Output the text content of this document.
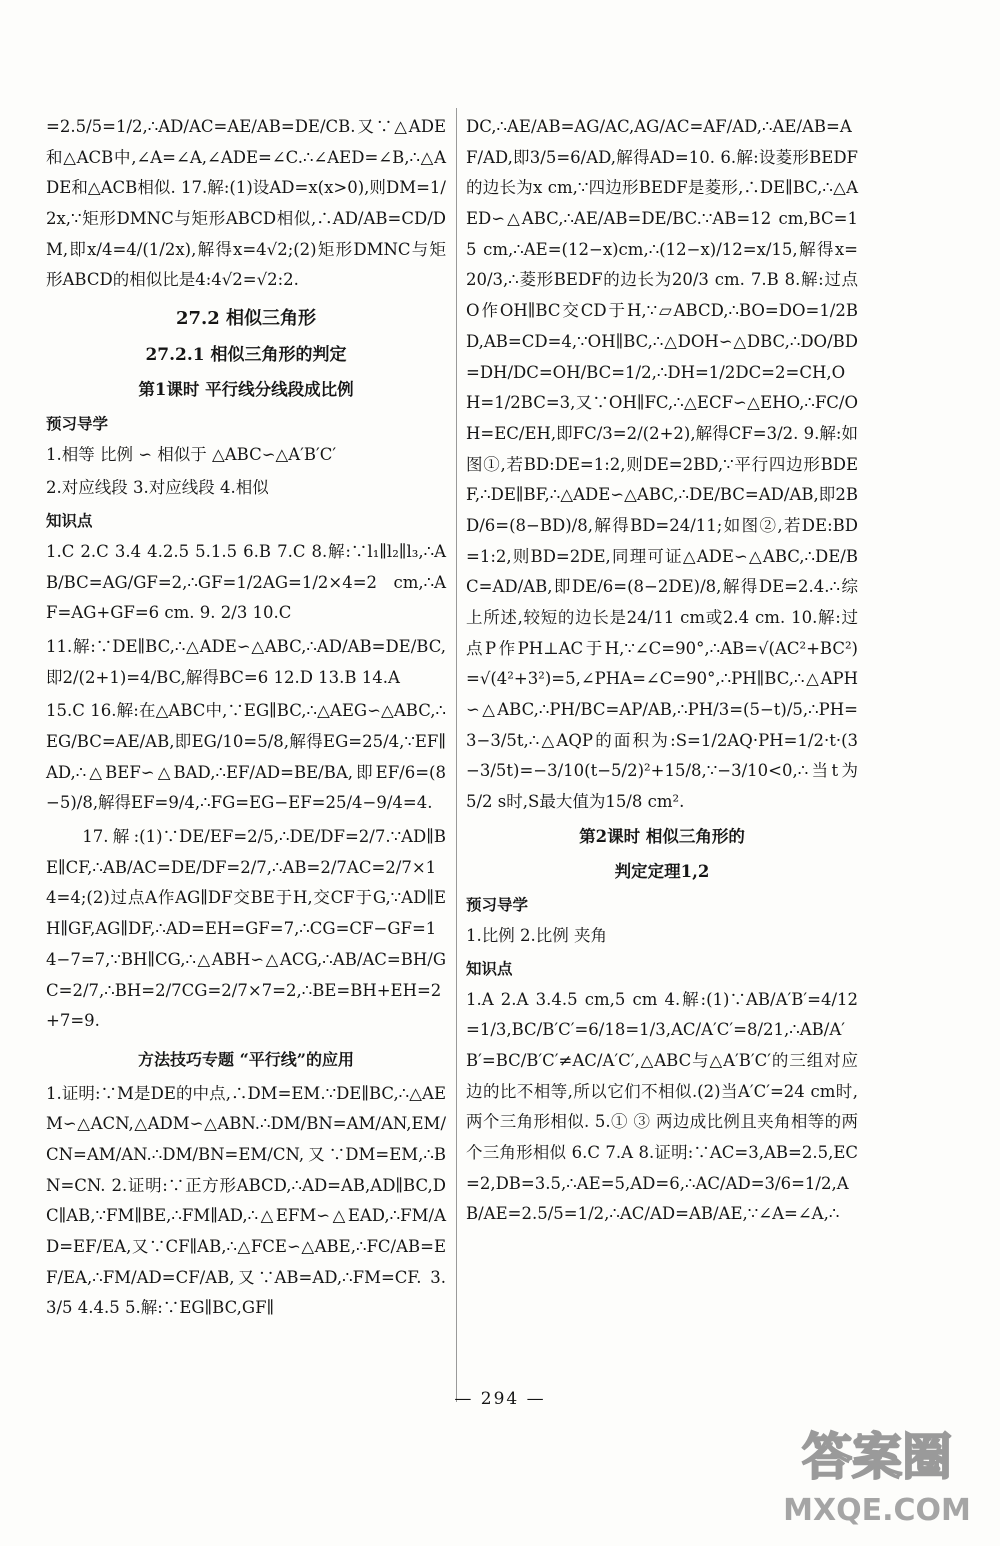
=2.5/5=1/2,∴AD/AC=AE/AB=DE/CB.又∵△ADE和△ACB中,∠A=∠A,∠ADE=∠C.∴∠AED=∠B,∴△ADE和△ACB相似. 17.解:(1)设AD=x(x>0),则DM=1/2x,∵矩形DMNC与矩形ABCD相似,∴AD/AB=CD/DM,即x/4=4/(1/2x),解得x=4√2;(2)矩形DMNC与矩形ABCD的相似比是4:4√2=√2:2.

27.2 相似三角形
27.2.1 相似三角形的判定
第1课时 平行线分线段成比例
预习导学

1.相等 比例 ∽ 相似于 △ABC∽△A′B′C′

2.对应线段 3.对应线段 4.相似

知识点

1.C 2.C 3.4 4.2.5 5.1.5 6.B 7.C 8.解:∵l₁∥l₂∥l₃,∴AB/BC=AG/GF=2,∴GF=1/2AG=1/2×4=2 cm,∴AF=AG+GF=6 cm. 9. 2/3 10.C

11.解:∵DE∥BC,∴△ADE∽△ABC,∴AD/AB=DE/BC,即2/(2+1)=4/BC,解得BC=6 12.D 13.B 14.A

15.C 16.解:在△ABC中,∵EG∥BC,∴△AEG∽△ABC,∴EG/BC=AE/AB,即EG/10=5/8,解得EG=25/4,∵EF∥AD,∴△BEF∽△BAD,∴EF/AD=BE/BA,即EF/6=(8−5)/8,解得EF=9/4,∴FG=EG−EF=25/4−9/4=4.

17.解:(1)∵DE/EF=2/5,∴DE/DF=2/7.∵AD∥BE∥CF,∴AB/AC=DE/DF=2/7,∴AB=2/7AC=2/7×14=4;(2)过点A作AG∥DF交BE于H,交CF于G,∵AD∥EH∥GF,AG∥DF,∴AD=EH=GF=7,∴CG=CF−GF=14−7=7,∵BH∥CG,∴△ABH∽△ACG,∴AB/AC=BH/GC=2/7,∴BH=2/7CG=2/7×7=2,∴BE=BH+EH=2+7=9.

方法技巧专题 “平行线”的应用

1.证明:∵M是DE的中点,∴DM=EM.∵DE∥BC,∴△AEM∽△ACN,△ADM∽△ABN.∴DM/BN=AM/AN,EM/CN=AM/AN.∴DM/BN=EM/CN,又∵DM=EM,∴BN=CN. 2.证明:∵正方形ABCD,∴AD=AB,AD∥BC,DC∥AB,∵FM∥BE,∴FM∥AD,∴△EFM∽△EAD,∴FM/AD=EF/EA,又∵CF∥AB,∴△FCE∽△ABE,∴FC/AB=EF/EA,∴FM/AD=CF/AB,又∵AB=AD,∴FM=CF. 3. 3/5 4.4.5 5.解:∵EG∥BC,GF∥

DC,∴AE/AB=AG/AC,AG/AC=AF/AD,∴AE/AB=AF/AD,即3/5=6/AD,解得AD=10. 6.解:设菱形BEDF的边长为x cm,∵四边形BEDF是菱形,∴DE∥BC,∴△AED∽△ABC,∴AE/AB=DE/BC.∵AB=12 cm,BC=15 cm,∴AE=(12−x)cm,∴(12−x)/12=x/15,解得x=20/3,∴菱形BEDF的边长为20/3 cm. 7.B 8.解:过点O作OH∥BC交CD于H,∵▱ABCD,∴BO=DO=1/2BD,AB=CD=4,∵OH∥BC,∴△DOH∽△DBC,∴DO/BD=DH/DC=OH/BC=1/2,∴DH=1/2DC=2=CH,OH=1/2BC=3,又∵OH∥FC,∴△ECF∽△EHO,∴FC/OH=EC/EH,即FC/3=2/(2+2),解得CF=3/2. 9.解:如图①,若BD:DE=1:2,则DE=2BD,∵平行四边形BDEF,∴DE∥BF,∴△ADE∽△ABC,∴DE/BC=AD/AB,即2BD/6=(8−BD)/8,解得BD=24/11;如图②,若DE:BD=1:2,则BD=2DE,同理可证△ADE∽△ABC,∴DE/BC=AD/AB,即DE/6=(8−2DE)/8,解得DE=2.4.∴综上所述,较短的边长是24/11 cm或2.4 cm. 10.解:过点P作PH⊥AC于H,∵∠C=90°,∴AB=√(AC²+BC²)=√(4²+3²)=5,∠PHA=∠C=90°,∴PH∥BC,∴△APH∽△ABC,∴PH/BC=AP/AB,∴PH/3=(5−t)/5,∴PH=3−3/5t,∴△AQP的面积为:S=1/2AQ·PH=1/2·t·(3−3/5t)=−3/10(t−5/2)²+15/8,∵−3/10<0,∴当t为5/2 s时,S最大值为15/8 cm².

第2课时 相似三角形的
判定定理1,2
预习导学

1.比例 2.比例 夹角

知识点

1.A 2.A 3.4.5 cm,5 cm 4.解:(1)∵AB/A′B′=4/12=1/3,BC/B′C′=6/18=1/3,AC/A′C′=8/21,∴AB/A′B′=BC/B′C′≠AC/A′C′,△ABC与△A′B′C′的三组对应边的比不相等,所以它们不相似.(2)当A′C′=24 cm时,两个三角形相似. 5.① ③ 两边成比例且夹角相等的两个三角形相似 6.C 7.A 8.证明:∵AC=3,AB=2.5,EC=2,DB=3.5,∴AE=5,AD=6,∴AC/AD=3/6=1/2,AB/AE=2.5/5=1/2,∴AC/AD=AB/AE,∵∠A=∠A,∴

— 294 —
答案圈
MXQE.COM
